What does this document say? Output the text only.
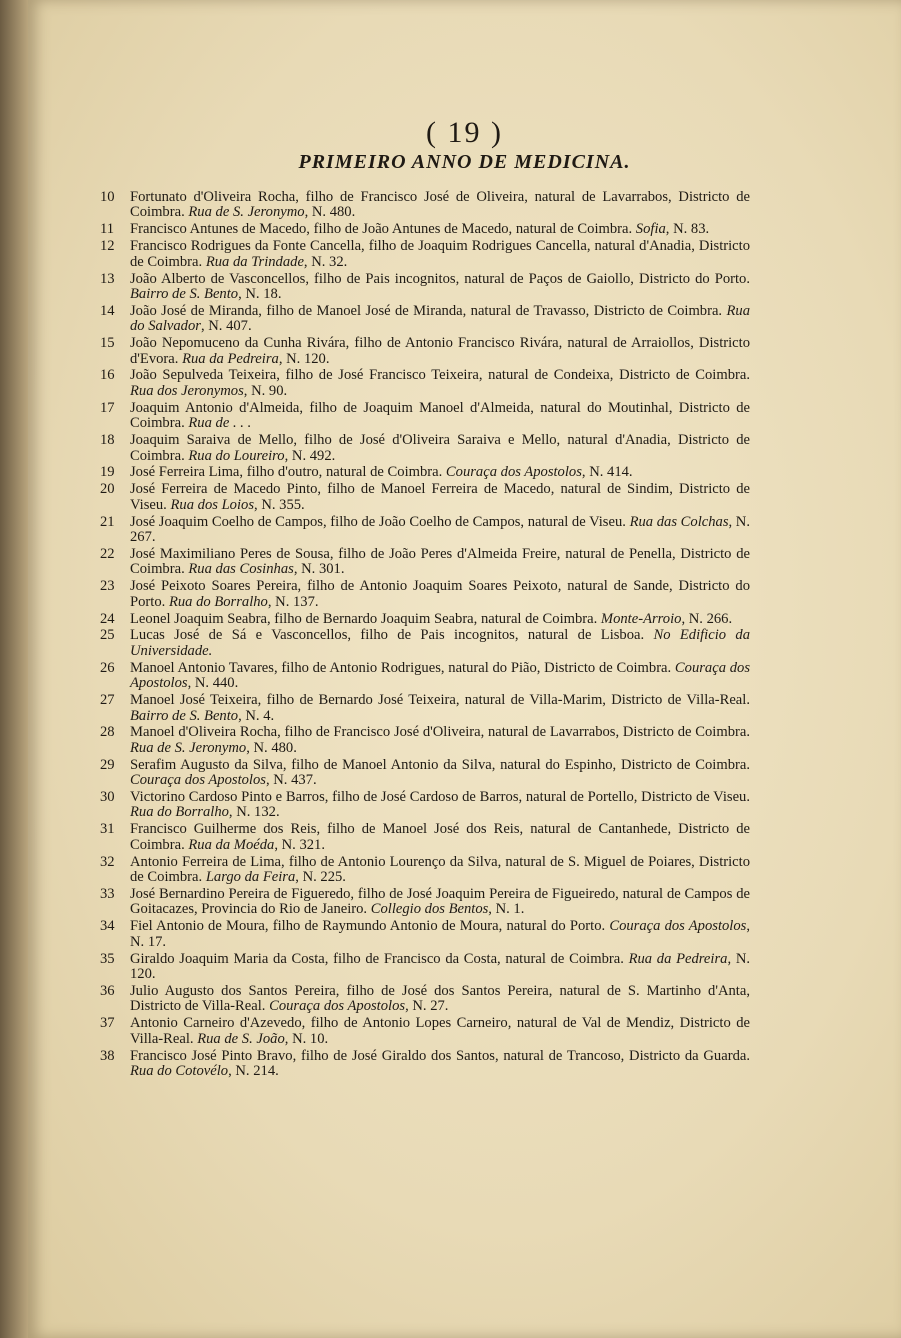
( 19 )
PRIMEIRO ANNO DE MEDICINA.
10	Fortunato d'Oliveira Rocha, filho de Francisco José de Oliveira, natural de Lavarrabos, Districto de Coimbra. Rua de S. Jeronymo, N. 480.
11	Francisco Antunes de Macedo, filho de João Antunes de Macedo, natural de Coimbra. Sofia, N. 83.
12	Francisco Rodrigues da Fonte Cancella, filho de Joaquim Rodrigues Cancella, natural d'Anadia, Districto de Coimbra. Rua da Trindade, N. 32.
13	João Alberto de Vasconcellos, filho de Pais incognitos, natural de Paços de Gaiollo, Districto do Porto. Bairro de S. Bento, N. 18.
14	João José de Miranda, filho de Manoel José de Miranda, natural de Travasso, Districto de Coimbra. Rua do Salvador, N. 407.
15	João Nepomuceno da Cunha Rivára, filho de Antonio Francisco Rivára, natural de Arraiollos, Districto d'Evora. Rua da Pedreira, N. 120.
16	João Sepulveda Teixeira, filho de José Francisco Teixeira, natural de Condeixa, Districto de Coimbra. Rua dos Jeronymos, N. 90.
17	Joaquim Antonio d'Almeida, filho de Joaquim Manoel d'Almeida, natural do Moutinhal, Districto de Coimbra. Rua de . . .
18	Joaquim Saraiva de Mello, filho de José d'Oliveira Saraiva e Mello, natural d'Anadia, Districto de Coimbra. Rua do Loureiro, N. 492.
19	José Ferreira Lima, filho d'outro, natural de Coimbra. Couraça dos Apostolos, N. 414.
20	José Ferreira de Macedo Pinto, filho de Manoel Ferreira de Macedo, natural de Sindim, Districto de Viseu. Rua dos Loios, N. 355.
21	José Joaquim Coelho de Campos, filho de João Coelho de Campos, natural de Viseu. Rua das Colchas, N. 267.
22	José Maximiliano Peres de Sousa, filho de João Peres d'Almeida Freire, natural de Penella, Districto de Coimbra. Rua das Cosinhas, N. 301.
23	José Peixoto Soares Pereira, filho de Antonio Joaquim Soares Peixoto, natural de Sande, Districto do Porto. Rua do Borralho, N. 137.
24	Leonel Joaquim Seabra, filho de Bernardo Joaquim Seabra, natural de Coimbra. Monte-Arroio, N. 266.
25	Lucas José de Sá e Vasconcellos, filho de Pais incognitos, natural de Lisboa. No Edificio da Universidade.
26	Manoel Antonio Tavares, filho de Antonio Rodrigues, natural do Pião, Districto de Coimbra. Couraça dos Apostolos, N. 440.
27	Manoel José Teixeira, filho de Bernardo José Teixeira, natural de Villa-Marim, Districto de Villa-Real. Bairro de S. Bento, N. 4.
28	Manoel d'Oliveira Rocha, filho de Francisco José d'Oliveira, natural de Lavarrabos, Districto de Coimbra. Rua de S. Jeronymo, N. 480.
29	Serafim Augusto da Silva, filho de Manoel Antonio da Silva, natural do Espinho, Districto de Coimbra. Couraça dos Apostolos, N. 437.
30	Victorino Cardoso Pinto e Barros, filho de José Cardoso de Barros, natural de Portello, Districto de Viseu. Rua do Borralho, N. 132.
31	Francisco Guilherme dos Reis, filho de Manoel José dos Reis, natural de Cantanhede, Districto de Coimbra. Rua da Moéda, N. 321.
32	Antonio Ferreira de Lima, filho de Antonio Lourenço da Silva, natural de S. Miguel de Poiares, Districto de Coimbra. Largo da Feira, N. 225.
33	José Bernardino Pereira de Figueredo, filho de José Joaquim Pereira de Figueiredo, natural de Campos de Goitacazes, Provincia do Rio de Janeiro. Collegio dos Bentos, N. 1.
34	Fiel Antonio de Moura, filho de Raymundo Antonio de Moura, natural do Porto. Couraça dos Apostolos, N. 17.
35	Giraldo Joaquim Maria da Costa, filho de Francisco da Costa, natural de Coimbra. Rua da Pedreira, N. 120.
36	Julio Augusto dos Santos Pereira, filho de José dos Santos Pereira, natural de S. Martinho d'Anta, Districto de Villa-Real. Couraça dos Apostolos, N. 27.
37	Antonio Carneiro d'Azevedo, filho de Antonio Lopes Carneiro, natural de Val de Mendiz, Districto de Villa-Real. Rua de S. João, N. 10.
38	Francisco José Pinto Bravo, filho de José Giraldo dos Santos, natural de Trancoso, Districto da Guarda. Rua do Cotovélo, N. 214.
